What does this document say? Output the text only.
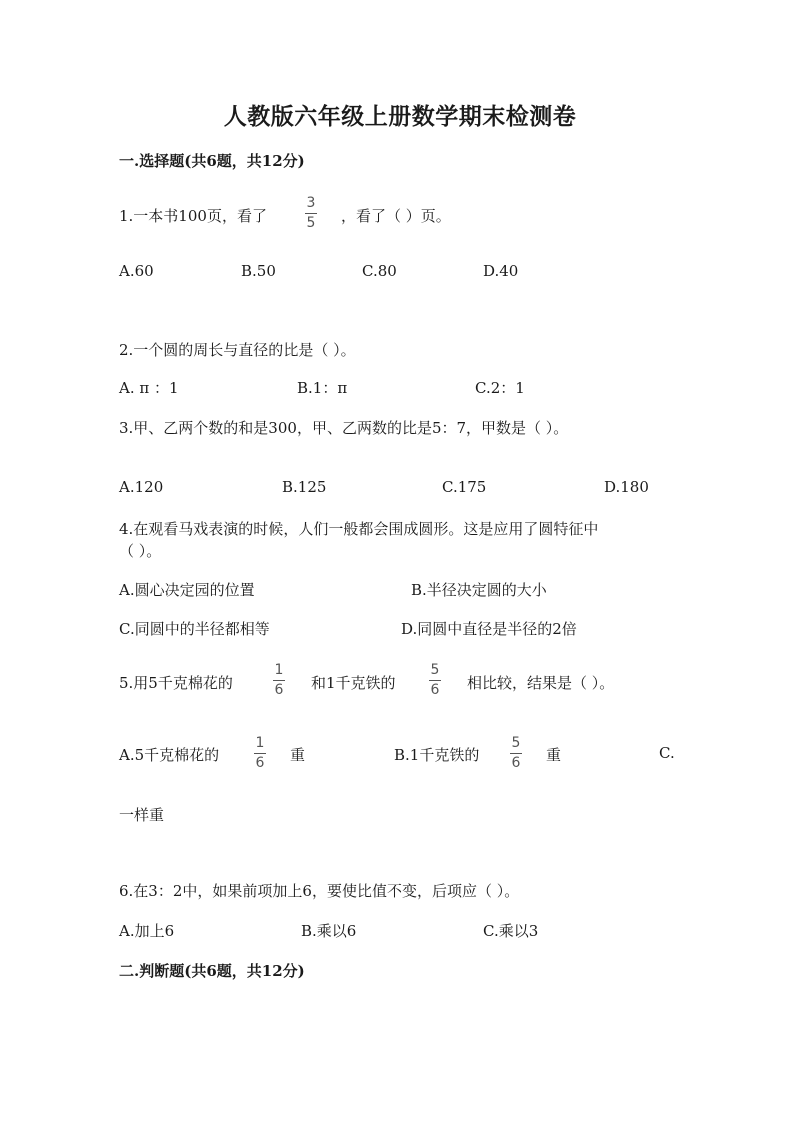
人教版六年级上册数学期末检测卷
一.选择题(共6题，共12分)
1.一本书100页，看了
3
5 ，看了（ ）页。
A.60	B.50	C.80	D.40
2.一个圆的周长与直径的比是（ ）。
A. π ：1	B.1：π	C.2：1
3.甲、乙两个数的和是300，甲、乙两数的比是5：7，甲数是（ ）。
A.120	B.125	C.175	D.180
4.在观看马戏表演的时候，人们一般都会围成圆形。这是应用了圆特征中
（ ）。
A.圆心决定园的位置	B.半径决定圆的大小
C.同圆中的半径都相等	D.同圆中直径是半径的2倍
5.用5千克棉花的
1
6 和1千克铁的
5
6 相比较，结果是（ ）。
A.5千克棉花的
1
6 重	B.1千克铁的
5
6 重	C.
一样重
6.在3：2中，如果前项加上6，要使比值不变，后项应（ ）。
A.加上6	B.乘以6	C.乘以3
二.判断题(共6题，共12分)
